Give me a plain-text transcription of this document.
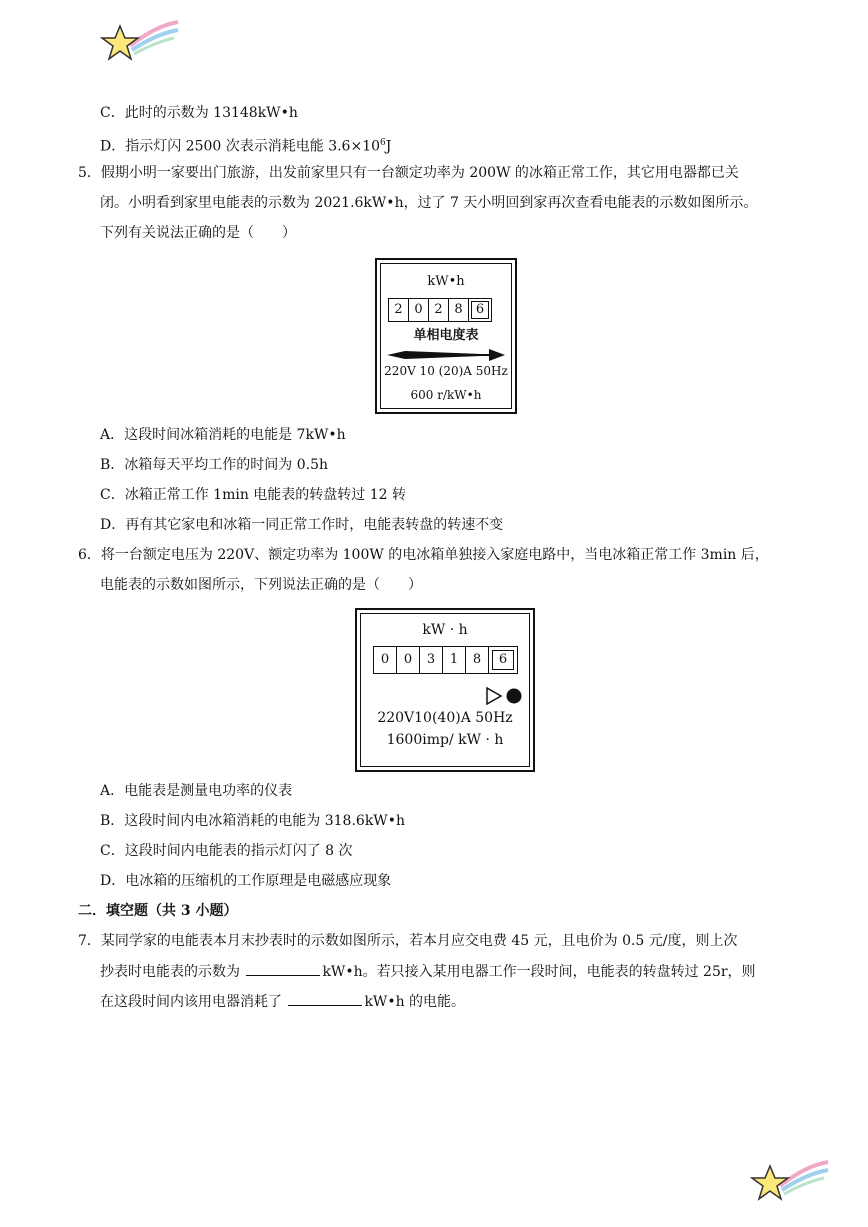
C．此时的示数为 13148kW•h
D．指示灯闪 2500 次表示消耗电能 $3.6\times 10^6J$
5．假期小明一家要出门旅游，出发前家里只有一台额定功率为 200W 的冰箱正常工作，其它用电器都已关
闭。小明看到家里电能表的示数为 2021.6kW•h，过了 7 天小明回到家再次查看电能表的示数如图所示。
下列有关说法正确的是（　　）
kW•h
2 0 2 8	6
单相电度表
220V 10 (20)A 50Hz
600 r/kW•h
A．这段时间冰箱消耗的电能是 7kW•h
B．冰箱每天平均工作的时间为 0.5h
C．冰箱正常工作 1min 电能表的转盘转过 12 转
D．再有其它家电和冰箱一同正常工作时，电能表转盘的转速不变
6．将一台额定电压为 220V、额定功率为 100W 的电冰箱单独接入家庭电路中，当电冰箱正常工作 3min 后，
电能表的示数如图所示，下列说法正确的是（　　）
kW · h
0	0	3	1	8	6
220V10(40)A 50Hz
1600imp/ kW · h
A．电能表是测量电功率的仪表
B．这段时间内电冰箱消耗的电能为 318.6kW•h
C．这段时间内电能表的指示灯闪了 8 次
D．电冰箱的压缩机的工作原理是电磁感应现象
二．填空题（共 3 小题）
7．某同学家的电能表本月末抄表时的示数如图所示，若本月应交电费 45 元，且电价为 0.5 元/度，则上次
抄表时电能表的示数为	kW•h。若只接入某用电器工作一段时间，电能表的转盘转过 25r，则
在这段时间内该用电器消耗了	kW•h 的电能。
